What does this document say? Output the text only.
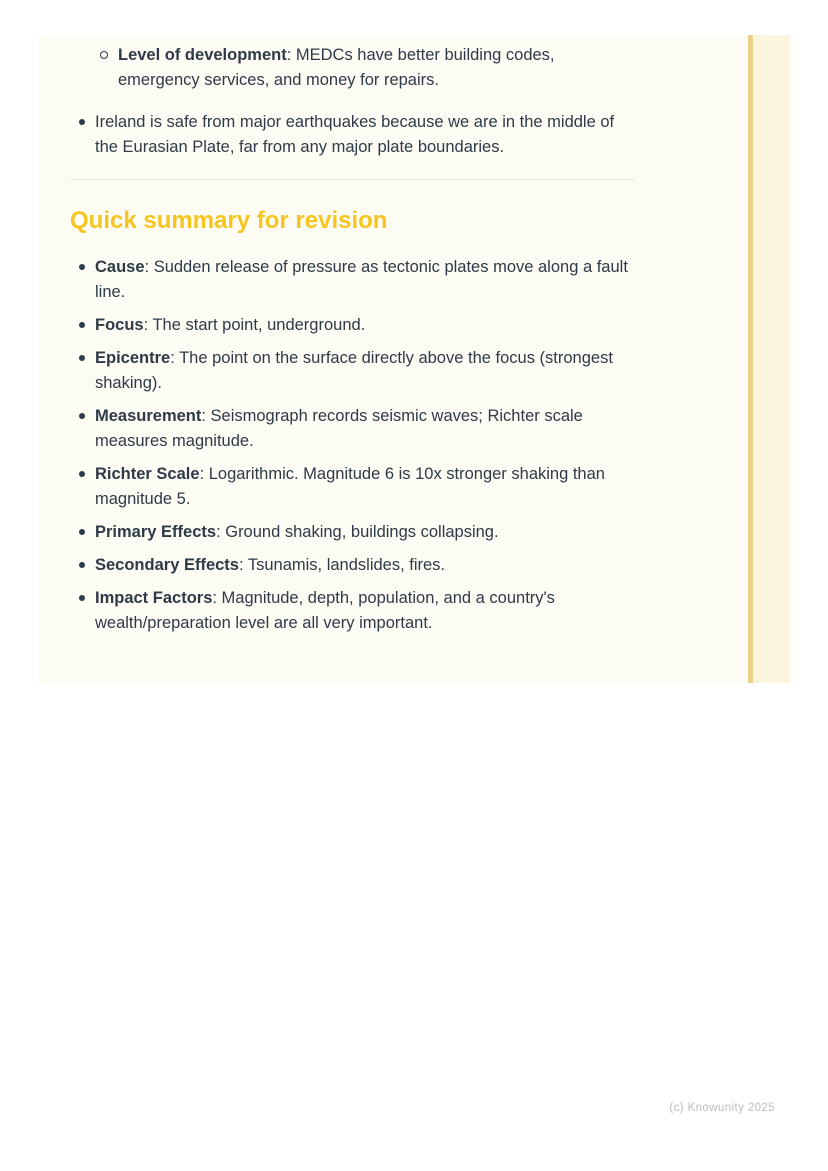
Level of development: MEDCs have better building codes, emergency services, and money for repairs.
Ireland is safe from major earthquakes because we are in the middle of the Eurasian Plate, far from any major plate boundaries.
Quick summary for revision
Cause: Sudden release of pressure as tectonic plates move along a fault line.
Focus: The start point, underground.
Epicentre: The point on the surface directly above the focus (strongest shaking).
Measurement: Seismograph records seismic waves; Richter scale measures magnitude.
Richter Scale: Logarithmic. Magnitude 6 is 10x stronger shaking than magnitude 5.
Primary Effects: Ground shaking, buildings collapsing.
Secondary Effects: Tsunamis, landslides, fires.
Impact Factors: Magnitude, depth, population, and a country's wealth/preparation level are all very important.
(c) Knowunity 2025
